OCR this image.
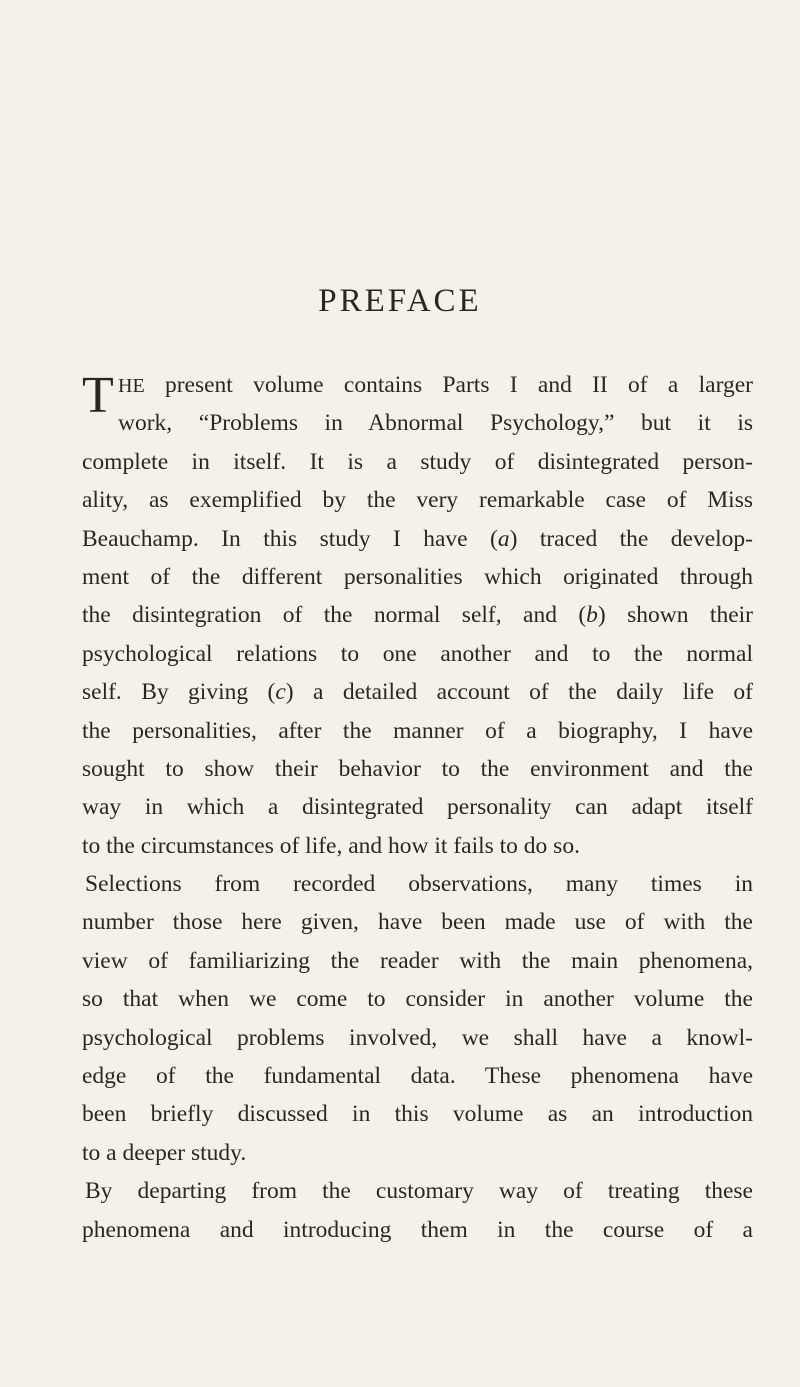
PREFACE
T HE present volume contains Parts I and II of a larger
work, “Problems in Abnormal Psychology,” but it is
complete in itself. It is a study of disintegrated person-
ality, as exemplified by the very remarkable case of Miss
Beauchamp. In this study I have (a) traced the develop-
ment of the different personalities which originated through
the disintegration of the normal self, and (b) shown their
psychological relations to one another and to the normal
self. By giving (c) a detailed account of the daily life of
the personalities, after the manner of a biography, I have
sought to show their behavior to the environment and the
way in which a disintegrated personality can adapt itself
to the circumstances of life, and how it fails to do so.
Selections from recorded observations, many times in
number those here given, have been made use of with the
view of familiarizing the reader with the main phenomena,
so that when we come to consider in another volume the
psychological problems involved, we shall have a knowl-
edge of the fundamental data. These phenomena have
been briefly discussed in this volume as an introduction
to a deeper study.
By departing from the customary way of treating these
phenomena and introducing them in the course of a
